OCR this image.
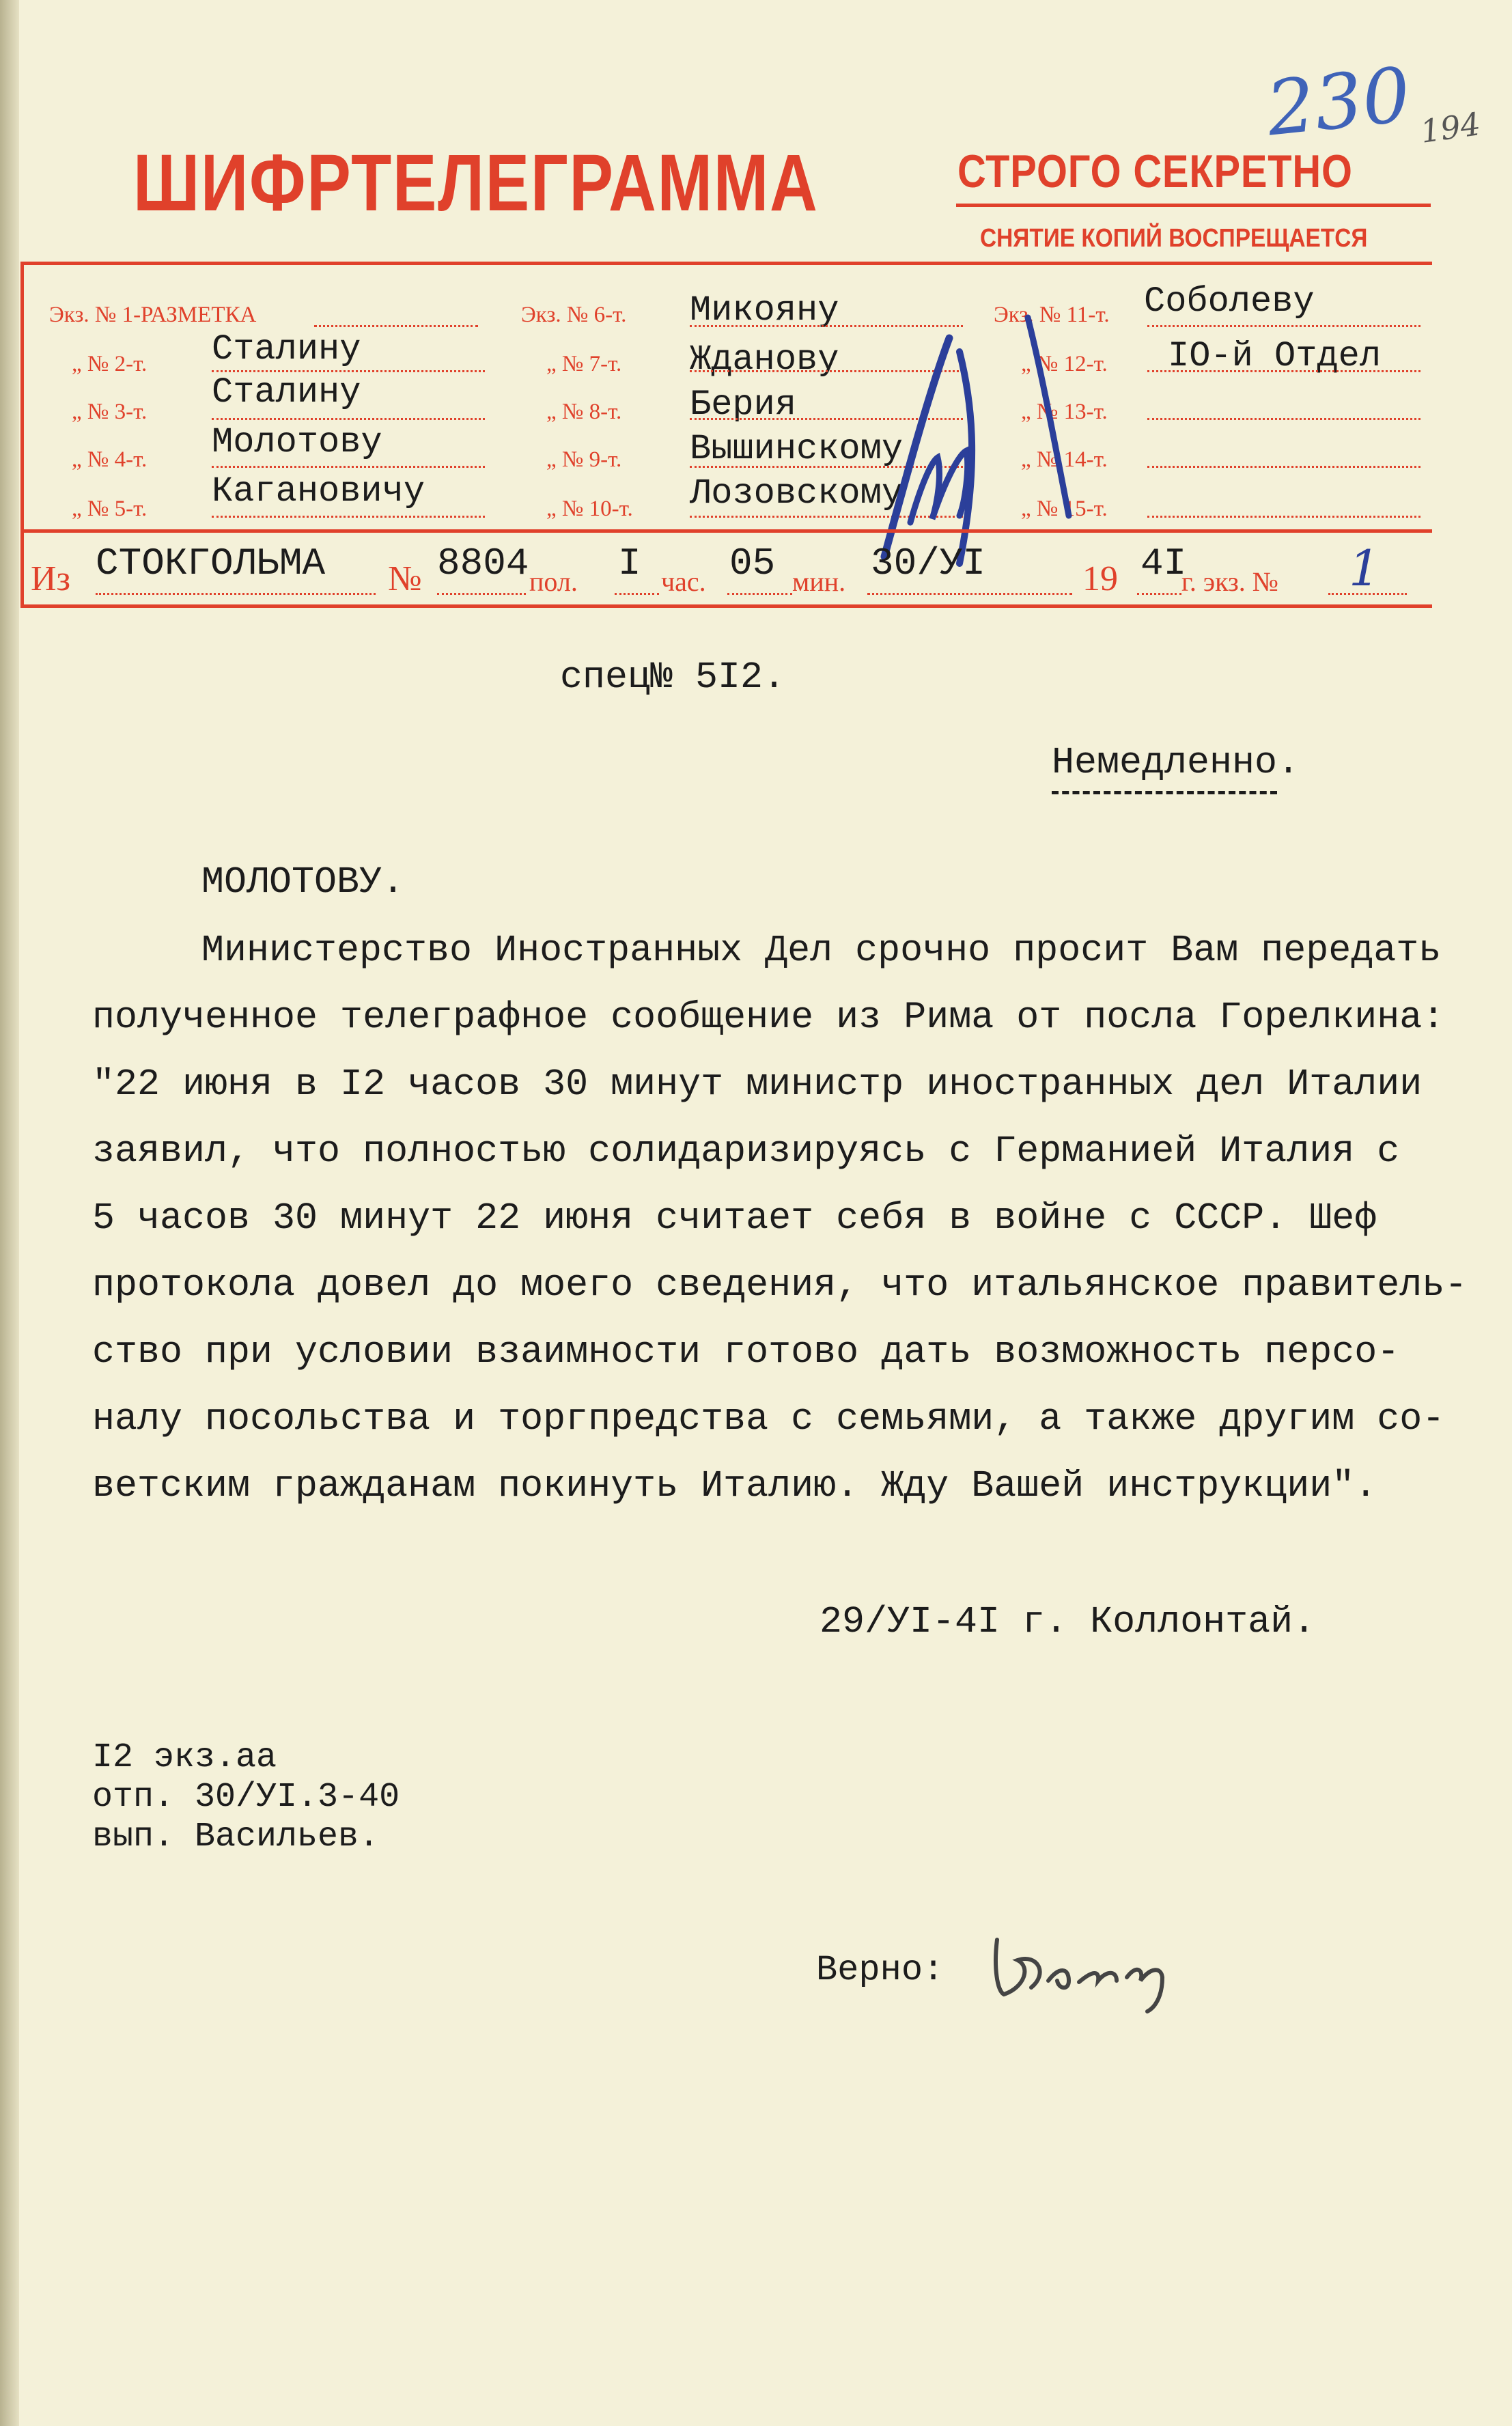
230 194
ШИФРТЕЛЕГРАММА	СТРОГО СЕКРЕТНО
СНЯТИЕ КОПИЙ ВОСПРЕЩАЕТСЯ
Экз. № 1-РАЗМЕТКА
„ № 2-т.
„ № 3-т.
„ № 4-т.
„ № 5-т.
Сталину
Сталину
Молотову
Кагановичу
Экз. № 6-т.
„ № 7-т.
„ № 8-т.
„ № 9-т.
„ № 10-т.
Микояну
Жданову
Берия
Вышинскому
Лозовскому
Экз. № 11-т.
„ № 12-т.
„ № 13-т.
„ № 14-т.
„ № 15-т.
Соболеву
IO-й Отдел
Из СТОКГОЛЬМА № 8804 пол. I час. 05 мин. 30/УI	19 4I
г. экз. № 1
спец№ 5I2.
Немедленно.
МОЛОТОВУ.
Министерство Иностранных Дел срочно просит Вам передать
полученное телеграфное сообщение из Рима от посла Горелкина:
"22 июня в I2 часов 30 минут министр иностранных дел Италии
заявил, что полностью солидаризируясь с Германией Италия с
5 часов 30 минут 22 июня считает себя в войне с СССР. Шеф
протокола довел до моего сведения, что итальянское правитель-
ство при условии взаимности готово дать возможность персо-
налу посольства и торгпредства с семьями, а также другим со-
ветским гражданам покинуть Италию. Жду Вашей инструкции".
29/УI-4I г. Коллонтай.
I2 экз.аа
отп. 30/УI.3-40
вып. Васильев.
Верно:
